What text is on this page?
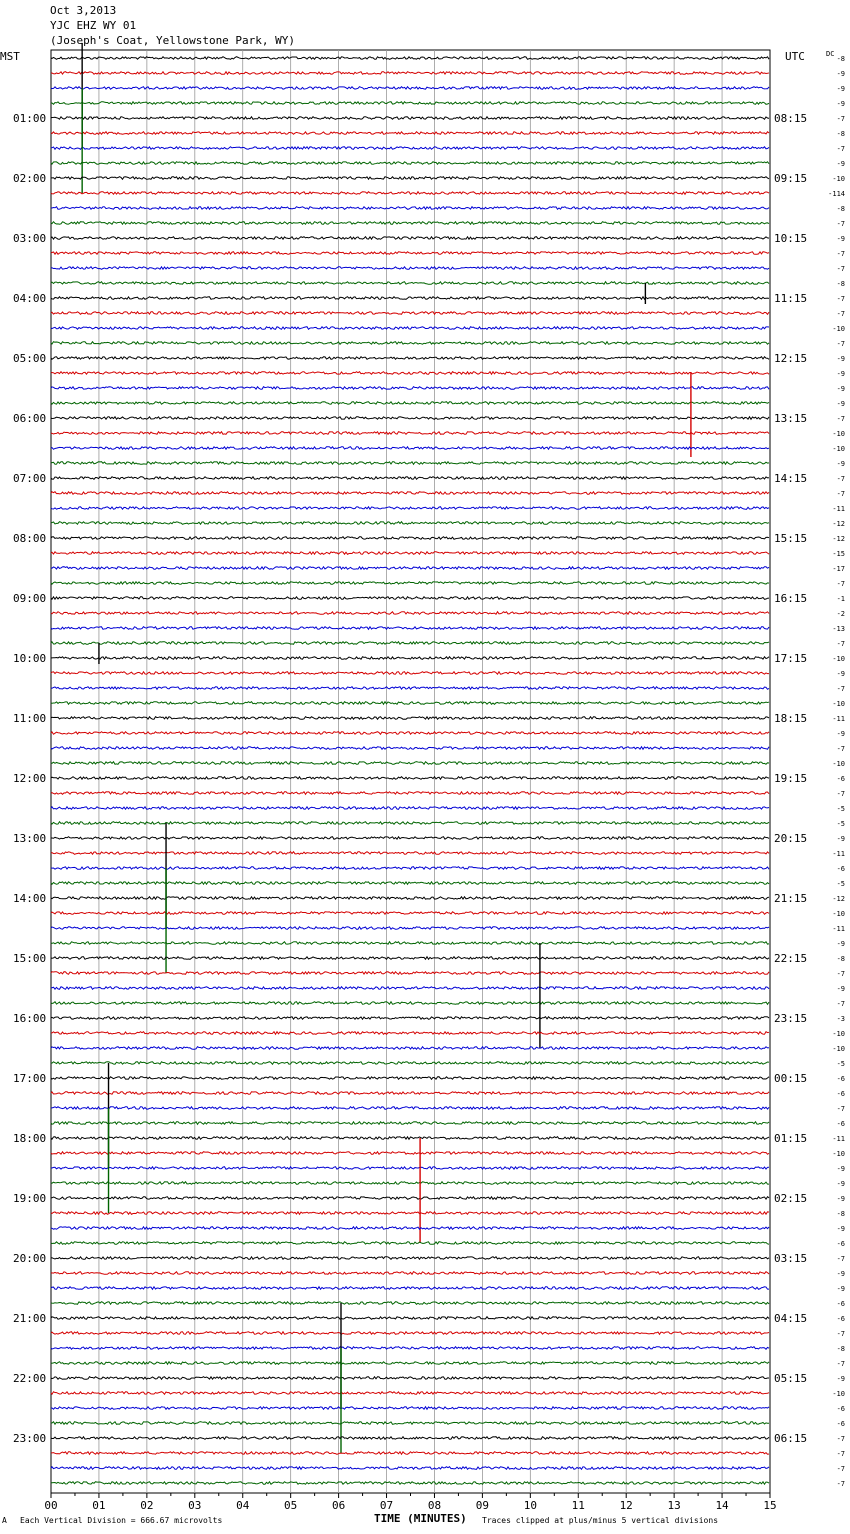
Oct 3,2013
YJC EHZ WY 01
(Joseph's Coat, Yellowstone Park, WY)
MST	UTC
01:00
02:00
03:00
04:00
05:00
06:00
07:00
08:00
09:00
10:00
11:00
12:00
13:00
14:00
15:00
16:00
17:00
18:00
19:00
20:00
21:00
22:00
23:00
08:15
09:15
10:15
11:15
12:15
13:15
14:15
15:15
16:15
17:15
18:15
19:15
20:15
21:15
22:15
23:15
00:15
01:15
02:15
03:15
04:15
05:15
06:15
DC
-8
-9
-9
-9
-7
-8
-7
-9
-10
-114
-8
-7
-9
-7
-7
-8
-7
-7
-10
-7
-9
-9
-9
-9
-7
-10
-10
-9
-7
-7
-11
-12
-12
-15
-17
-7
-1
-2
-13
-7
-10
-9
-7
-10
-11
-9
-7
-10
-6
-7
-5
-5
-9
-11
-6
-5
-12
-10
-11
-9
-8
-7
-9
-7
-3
-10
-10
-5
-6
-6
-7
-6
-11
-10
-9
-9
-9
-8
-9
-6
-7
-9
-9
-6
-6
-7
-8
-7
-9
-10
-6
-6
-7
-7
-7
-7
00	01	02	03	04	05	06	07	08	09	10	11	12	13	14	15
A Each Vertical Division = 666.67 microvolts	TIME (MINUTES) Traces clipped at plus/minus 5 vertical divisions
